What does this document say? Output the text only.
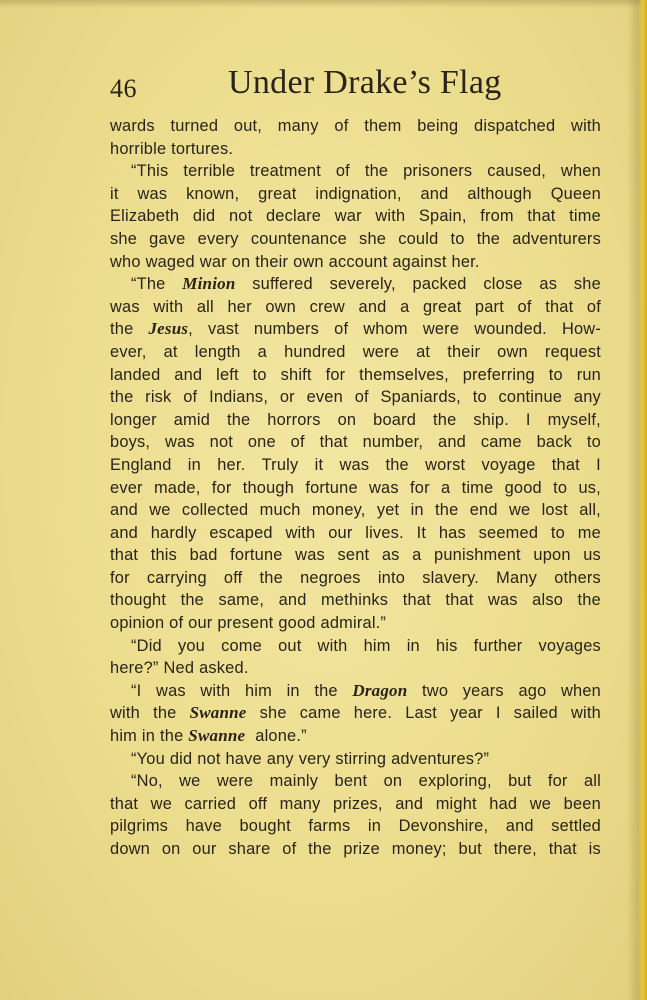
46	Under Drake’s Flag
wards turned out, many of them being dispatched with
horrible tortures.
“This terrible treatment of the prisoners caused, when
it was known, great indignation, and although Queen
Elizabeth did not declare war with Spain, from that time
she gave every countenance she could to the adventurers
who waged war on their own account against her.
“The Minion suffered severely, packed close as she
was with all her own crew and a great part of that of
the Jesus, vast numbers of whom were wounded. How-
ever, at length a hundred were at their own request
landed and left to shift for themselves, preferring to run
the risk of Indians, or even of Spaniards, to continue any
longer amid the horrors on board the ship. I myself,
boys, was not one of that number, and came back to
England in her. Truly it was the worst voyage that I
ever made, for though fortune was for a time good to us,
and we collected much money, yet in the end we lost all,
and hardly escaped with our lives. It has seemed to me
that this bad fortune was sent as a punishment upon us
for carrying off the negroes into slavery. Many others
thought the same, and methinks that that was also the
opinion of our present good admiral.”
“Did you come out with him in his further voyages
here?” Ned asked.
“I was with him in the Dragon two years ago when
with the Swanne she came here. Last year I sailed with
him in the Swanne alone.”
“You did not have any very stirring adventures?”
“No, we were mainly bent on exploring, but for all
that we carried off many prizes, and might had we been
pilgrims have bought farms in Devonshire, and settled
down on our share of the prize money; but there, that is
